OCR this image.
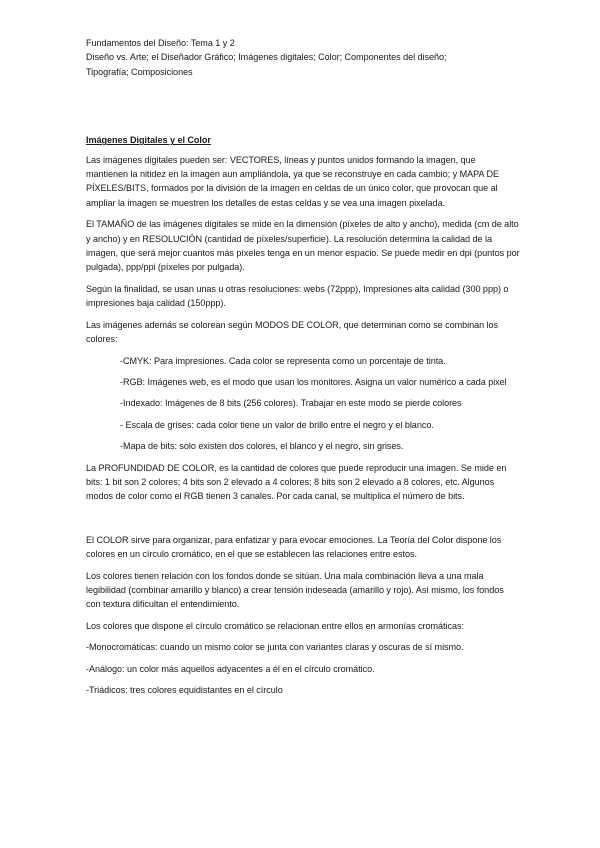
Fundamentos del Diseño: Tema 1 y 2

Diseño vs. Arte; el Diseñador Gráfico; Imágenes digitales; Color; Componentes del diseño;

Tipografía; Composiciones

Imágenes Digitales y el Color

Las imágenes digitales pueden ser: VECTORES, líneas y puntos unidos formando la imagen, que mantienen la nitidez en la imagen aun ampliándola, ya que se reconstruye en cada cambio; y MAPA DE PÍXELES/BITS, formados por la división de la imagen en celdas de un único color, que provocan que al ampliar la imagen se muestren los detalles de estas celdas y se vea una imagen pixelada.

El TAMAÑO de las imágenes digitales se mide en la dimensión (píxeles de alto y ancho), medida (cm de alto y ancho) y en RESOLUCIÓN (cantidad de píxeles/superficie). La resolución determina la calidad de la imagen, que será mejor cuantos más píxeles tenga en un menor espacio. Se puede medir en dpi (puntos por pulgada), ppp/ppi (píxeles por pulgada).

Según la finalidad, se usan unas u otras resoluciones: webs (72ppp), Impresiones alta calidad (300 ppp) o impresiones baja calidad (150ppp).

Las imágenes además se colorean según MODOS DE COLOR, que determinan como se combinan los colores:

-CMYK: Para impresiones. Cada color se representa como un porcentaje de tinta.

-RGB: Imágenes web, es el modo que usan los monitores. Asigna un valor numérico a cada pixel

-Indexado: Imágenes de 8 bits (256 colores). Trabajar en este modo se pierde colores

- Escala de grises: cada color tiene un valor de brillo entre el negro y el blanco.

-Mapa de bits: solo existen dos colores, el blanco y el negro, sin grises.

La PROFUNDIDAD DE COLOR, es la cantidad de colores que puede reproducir una imagen. Se mide en bits: 1 bit son 2 colores; 4 bits son 2 elevado a 4 colores; 8 bits son 2 elevado a 8 colores, etc. Algunos modos de color como el RGB tienen 3 canales. Por cada canal, se multiplica el número de bits.

El COLOR sirve para organizar, para enfatizar y para evocar emociones. La Teoría del Color dispone los colores en un círculo cromático, en el que se establecen las relaciones entre estos.

Los colores tienen relación con los fondos donde se sitúan. Una mala combinación lleva a una mala legibilidad (combinar amarillo y blanco) a crear tensión indeseada (amarillo y rojo). Así mismo, los fondos con textura dificultan el entendimiento.

Los colores que dispone el círculo cromático se relacionan entre ellos en armonías cromáticas:

-Monocromáticas: cuando un mismo color se junta con variantes claras y oscuras de sí mismo.

-Análogo: un color más aquellos adyacentes a él en el círculo cromático.

-Triádicos: tres colores equidistantes en el círculo
